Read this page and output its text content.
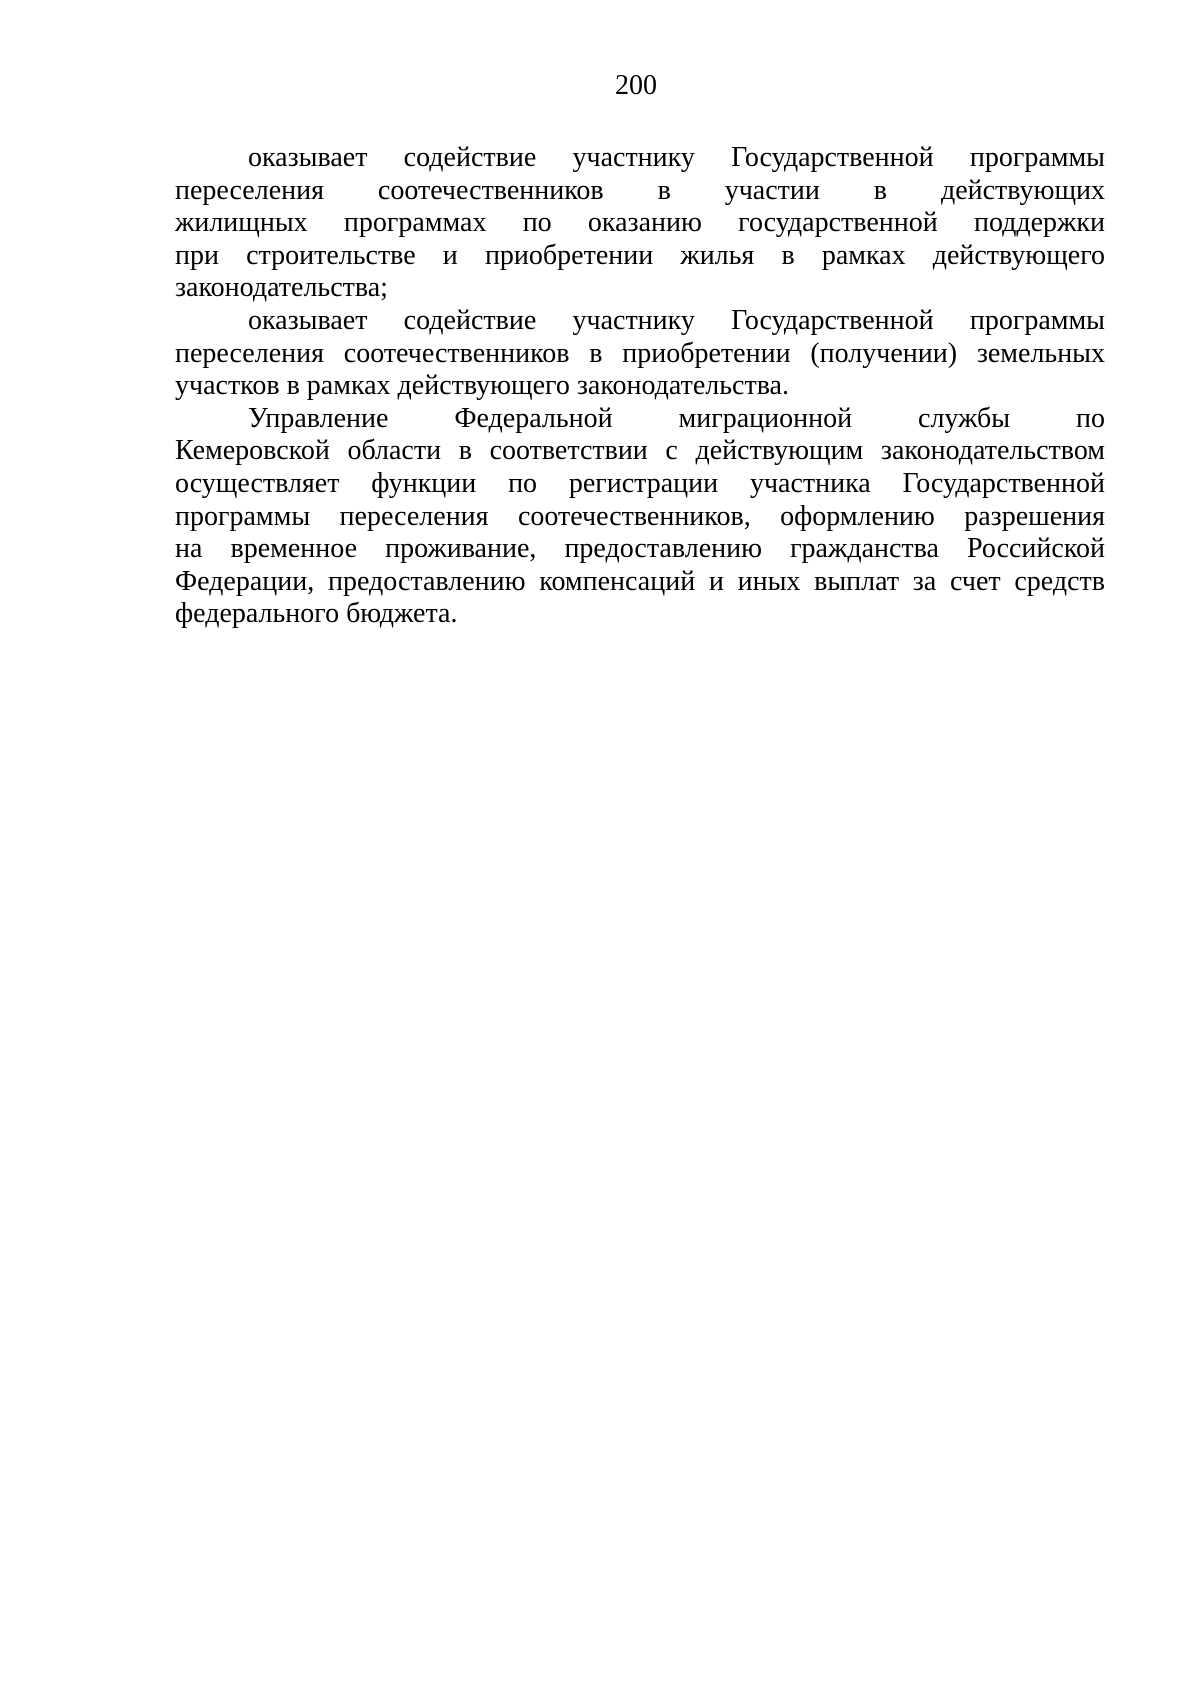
200
оказывает содействие участнику Государственной программы
переселения соотечественников в участии в действующих
жилищных программах по оказанию государственной поддержки
при строительстве и приобретении жилья в рамках действующего
законодательства;
оказывает содействие участнику Государственной программы
переселения соотечественников в приобретении (получении) земельных
участков в рамках действующего законодательства.
Управление Федеральной миграционной службы по
Кемеровской области в соответствии с действующим законодательством
осуществляет функции по регистрации участника Государственной
программы переселения соотечественников, оформлению разрешения
на временное проживание, предоставлению гражданства Российской
Федерации, предоставлению компенсаций и иных выплат за счет средств
федерального бюджета.
